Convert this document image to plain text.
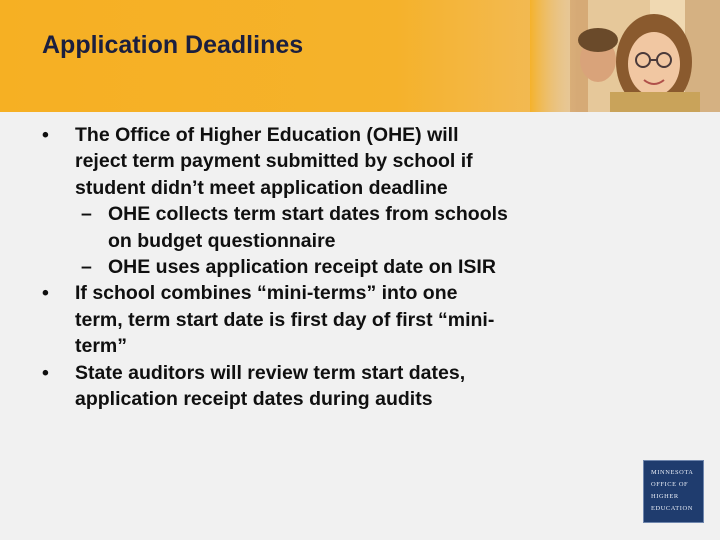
Application Deadlines
•	The Office of Higher Education (OHE) will
reject term payment submitted by school if
student didn’t meet application deadline
– OHE collects term start dates from schools
on budget questionnaire
– OHE uses application receipt date on ISIR
•	If school combines “mini-terms” into one
term, term start date is first day of first “mini-
term”
•	State auditors will review term start dates,
application receipt dates during audits
MINNESOTA
OFFICE OF
HIGHER
EDUCATION
